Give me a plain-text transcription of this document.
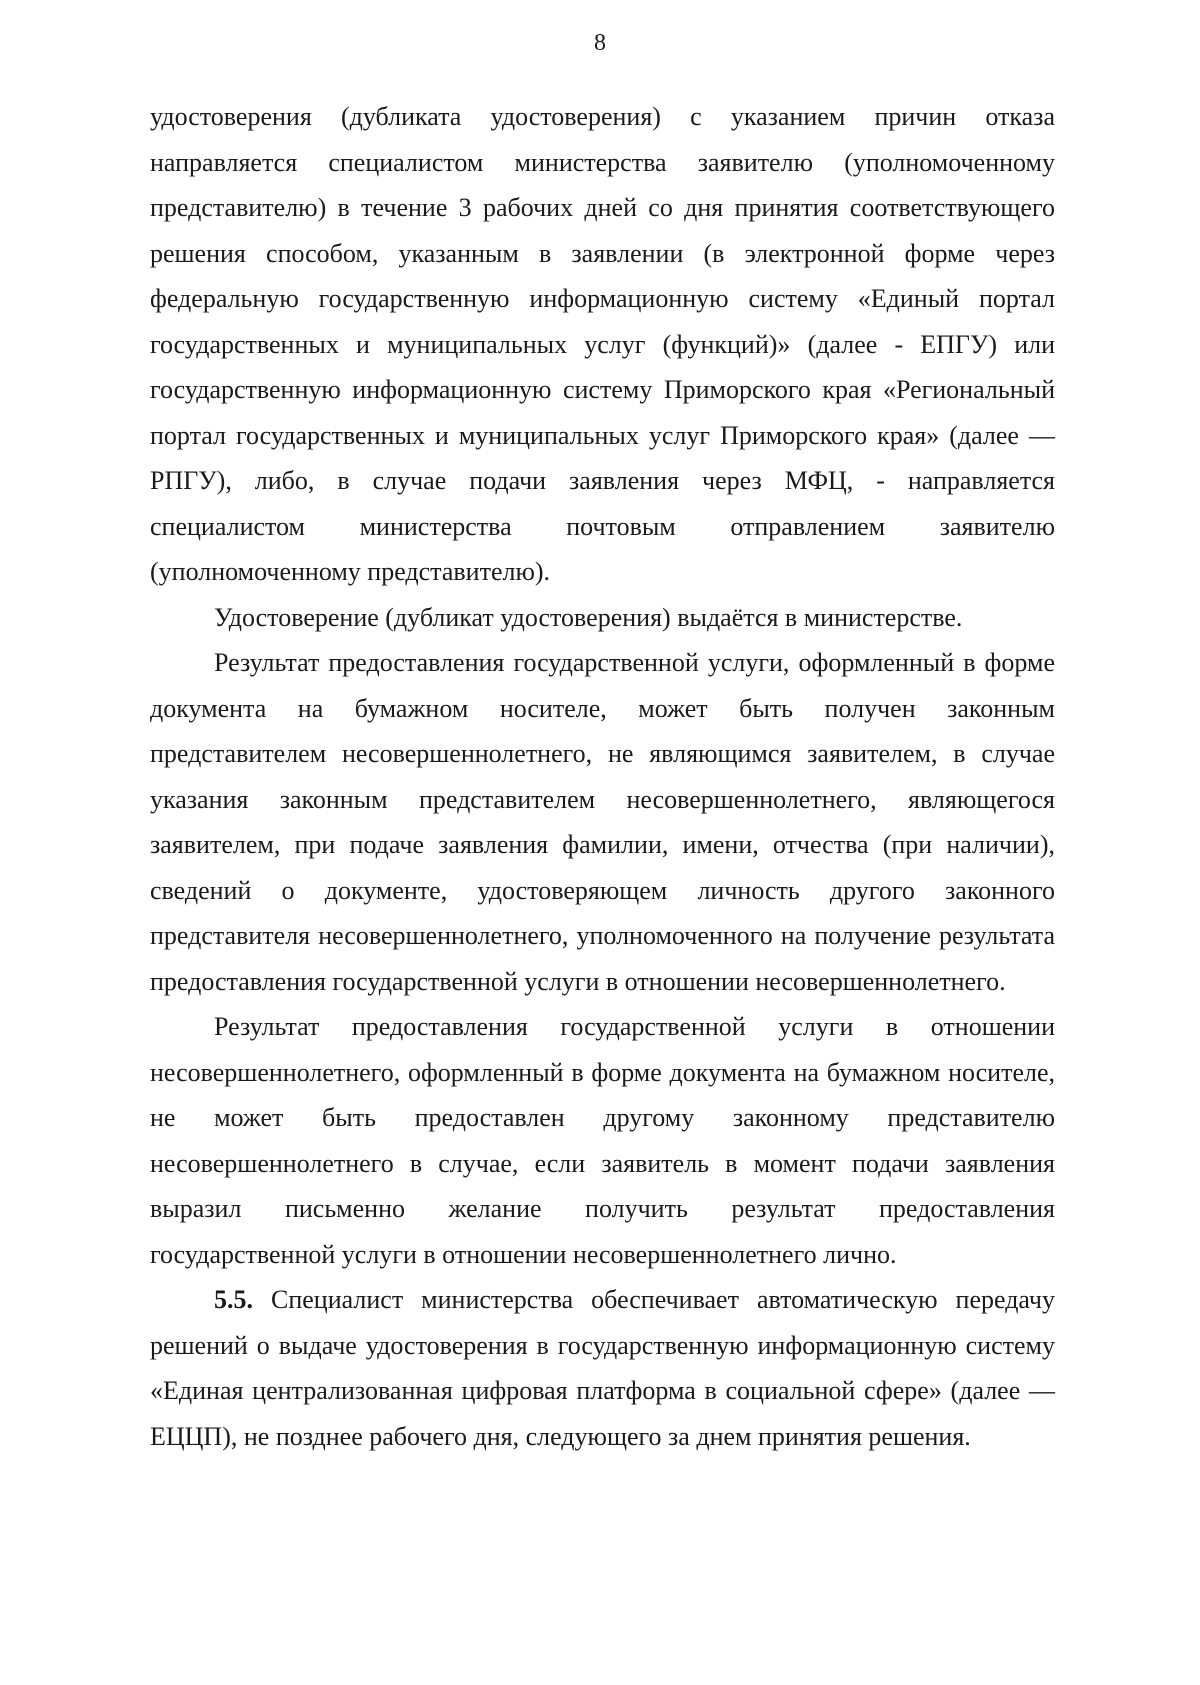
8

удостоверения (дубликата удостоверения) с указанием причин отказа направляется специалистом министерства заявителю (уполномоченному представителю) в течение 3 рабочих дней со дня принятия соответствующего решения способом, указанным в заявлении (в электронной форме через федеральную государственную информационную систему «Единый портал государственных и муниципальных услуг (функций)» (далее - ЕПГУ) или государственную информационную систему Приморского края «Региональный портал государственных и муниципальных услуг Приморского края» (далее — РПГУ), либо, в случае подачи заявления через МФЦ, - направляется специалистом министерства почтовым отправлением заявителю (уполномоченному представителю).

Удостоверение (дубликат удостоверения) выдаётся в министерстве.

Результат предоставления государственной услуги, оформленный в форме документа на бумажном носителе, может быть получен законным представителем несовершеннолетнего, не являющимся заявителем, в случае указания законным представителем несовершеннолетнего, являющегося заявителем, при подаче заявления фамилии, имени, отчества (при наличии), сведений о документе, удостоверяющем личность другого законного представителя несовершеннолетнего, уполномоченного на получение результата предоставления государственной услуги в отношении несовершеннолетнего.

Результат предоставления государственной услуги в отношении несовершеннолетнего, оформленный в форме документа на бумажном носителе, не может быть предоставлен другому законному представителю несовершеннолетнего в случае, если заявитель в момент подачи заявления выразил письменно желание получить результат предоставления государственной услуги в отношении несовершеннолетнего лично.

5.5. Специалист министерства обеспечивает автоматическую передачу решений о выдаче удостоверения в государственную информационную систему «Единая централизованная цифровая платформа в социальной сфере» (далее — ЕЦЦП), не позднее рабочего дня, следующего за днем принятия решения.
